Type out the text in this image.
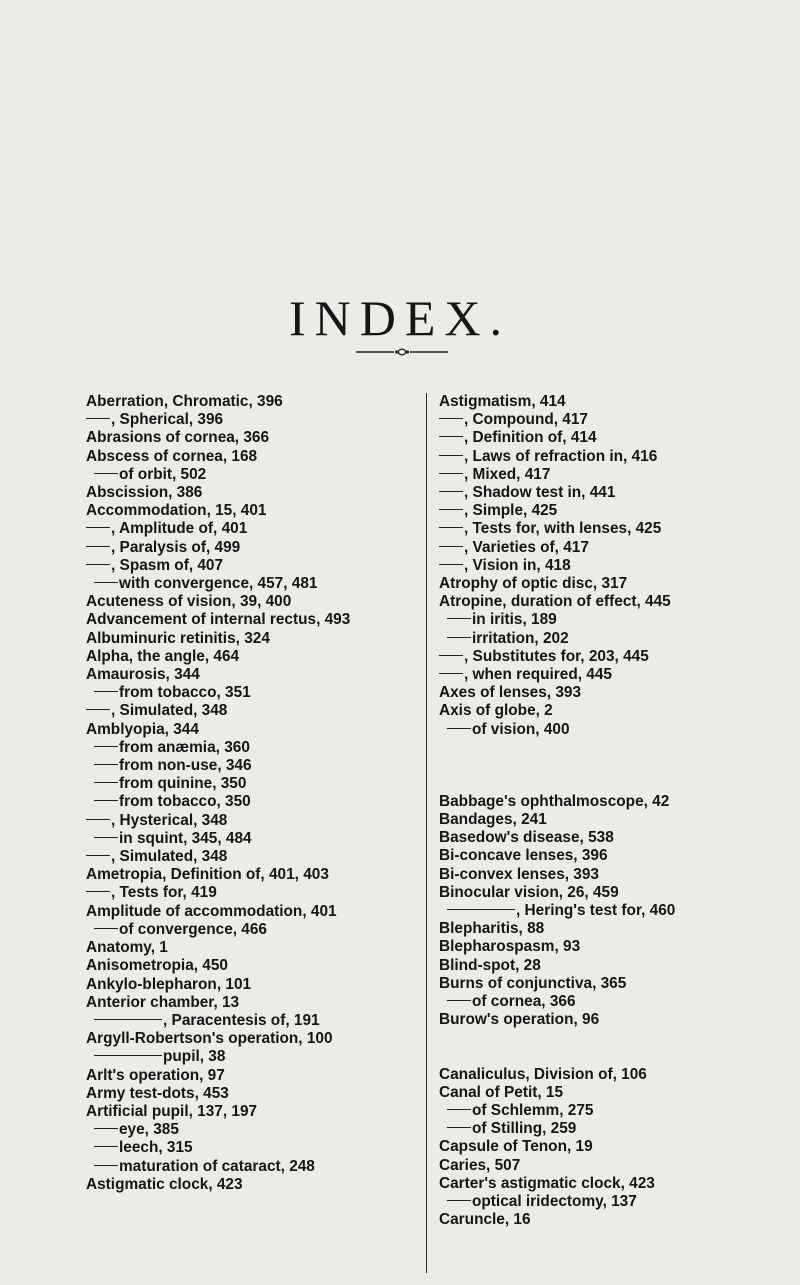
INDEX.
Aberration, Chromatic, 396
, Spherical, 396
Abrasions of cornea, 366
Abscess of cornea, 168
of orbit, 502
Abscission, 386
Accommodation, 15, 401
, Amplitude of, 401
, Paralysis of, 499
, Spasm of, 407
with convergence, 457, 481
Acuteness of vision, 39, 400
Advancement of internal rectus, 493
Albuminuric retinitis, 324
Alpha, the angle, 464
Amaurosis, 344
from tobacco, 351
, Simulated, 348
Amblyopia, 344
from anæmia, 360
from non-use, 346
from quinine, 350
from tobacco, 350
, Hysterical, 348
in squint, 345, 484
, Simulated, 348
Ametropia, Definition of, 401, 403
, Tests for, 419
Amplitude of accommodation, 401
of convergence, 466
Anatomy, 1
Anisometropia, 450
Ankylo-blepharon, 101
Anterior chamber, 13
, Paracentesis of, 191
Argyll-Robertson's operation, 100
pupil, 38
Arlt's operation, 97
Army test-dots, 453
Artificial pupil, 137, 197
eye, 385
leech, 315
maturation of cataract, 248
Astigmatic clock, 423
Astigmatism, 414
, Compound, 417
, Definition of, 414
, Laws of refraction in, 416
, Mixed, 417
, Shadow test in, 441
, Simple, 425
, Tests for, with lenses, 425
, Varieties of, 417
, Vision in, 418
Atrophy of optic disc, 317
Atropine, duration of effect, 445
in iritis, 189
irritation, 202
, Substitutes for, 203, 445
, when required, 445
Axes of lenses, 393
Axis of globe, 2
of vision, 400
Babbage's ophthalmoscope, 42
Bandages, 241
Basedow's disease, 538
Bi-concave lenses, 396
Bi-convex lenses, 393
Binocular vision, 26, 459
, Hering's test for, 460
Blepharitis, 88
Blepharospasm, 93
Blind-spot, 28
Burns of conjunctiva, 365
of cornea, 366
Burow's operation, 96
Canaliculus, Division of, 106
Canal of Petit, 15
of Schlemm, 275
of Stilling, 259
Capsule of Tenon, 19
Caries, 507
Carter's astigmatic clock, 423
optical iridectomy, 137
Caruncle, 16
